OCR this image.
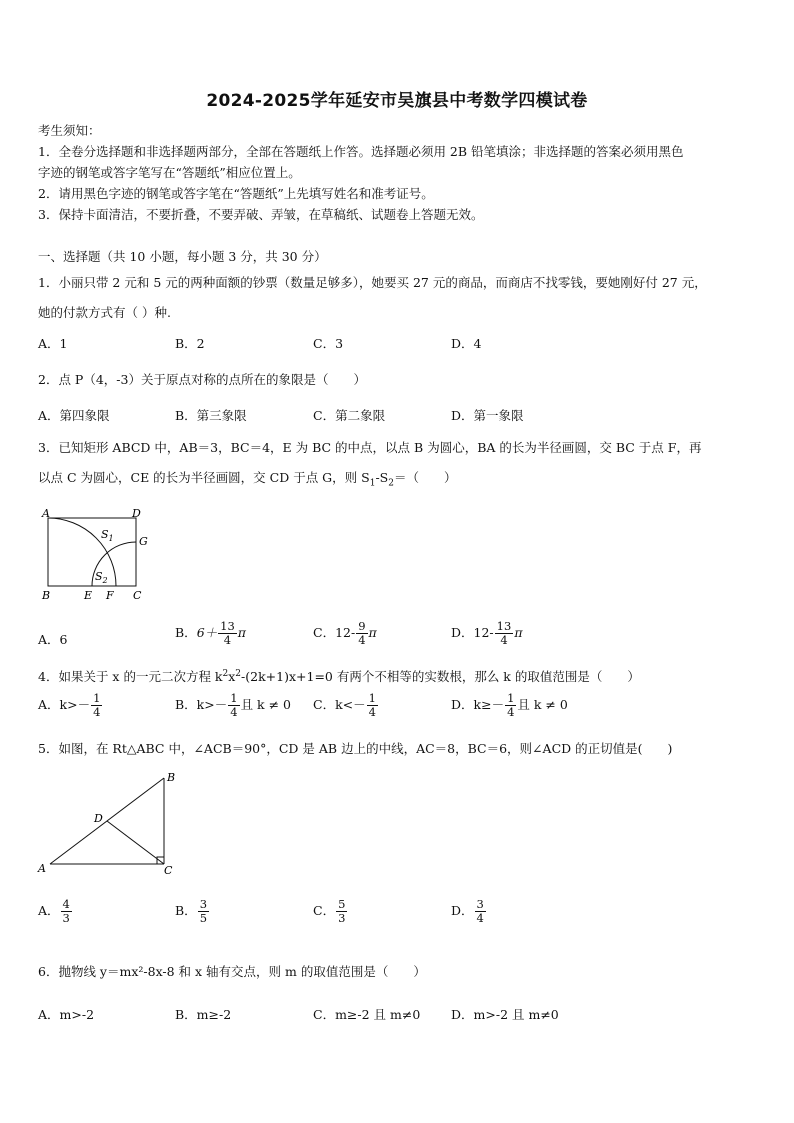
2024-2025学年延安市吴旗县中考数学四模试卷
考生须知：
1．全卷分选择题和非选择题两部分，全部在答题纸上作答。选择题必须用 2B 铅笔填涂；非选择题的答案必须用黑色
字迹的钢笔或答字笔写在“答题纸”相应位置上。
2．请用黑色字迹的钢笔或答字笔在“答题纸”上先填写姓名和准考证号。
3．保持卡面清洁，不要折叠，不要弄破、弄皱，在草稿纸、试题卷上答题无效。
一、选择题（共 10 小题，每小题 3 分，共 30 分）
1．小丽只带 2 元和 5 元的两种面额的钞票（数量足够多），她要买 27 元的商品，而商店不找零钱，要她刚好付 27 元，
她的付款方式有（ ）种.
A．1	B．2	C．3	D．4
2．点 P（4，-3）关于原点对称的点所在的象限是（　　）
A．第四象限	B．第三象限	C．第二象限	D．第一象限
3．已知矩形 ABCD 中，AB＝3，BC＝4，E 为 BC 的中点，以点 B 为圆心，BA 的长为半径画圆，交 BC 于点 F，再
以点 C 为圆心，CE 的长为半径画圆，交 CD 于点 G，则 $S_1-S_2=$（　　）
A	D
G
B	E F C
$S_1$
$S_2$
A．6	B．$6+ \frac{13}{4}$ π	C．$12- \frac{9}{4}$ π	D．$12- \frac{13}{4}$ π
4．如果关于 x 的一元二次方程 $k^2x^2-(2k+1)x+1=0$ 有两个不相等的实数根，那么 k 的取值范围是（　　）
A．$k>- \frac{1}{4}$	B．$k>- \frac{1}{4}$ 且 k ≠ 0 C．$k<- \frac{1}{4}$	D．$k\ge- \frac{1}{4}$ 且 k ≠ 0
5．如图，在 Rt△ABC 中，∠ACB＝90°，CD 是 AB 边上的中线，AC＝8，BC＝6，则∠ACD 的正切值是(　　)
A
B
C
D
A． $\frac{4}{3}$	B． $\frac{3}{5}$	C． $\frac{5}{3}$	D． $\frac{3}{4}$
6．抛物线 y＝mx²-8x-8 和 x 轴有交点，则 m 的取值范围是（　　）
A．m>-2	B．m≥-2	C．m≥-2 且 m≠0 D．m>-2 且 m≠0
